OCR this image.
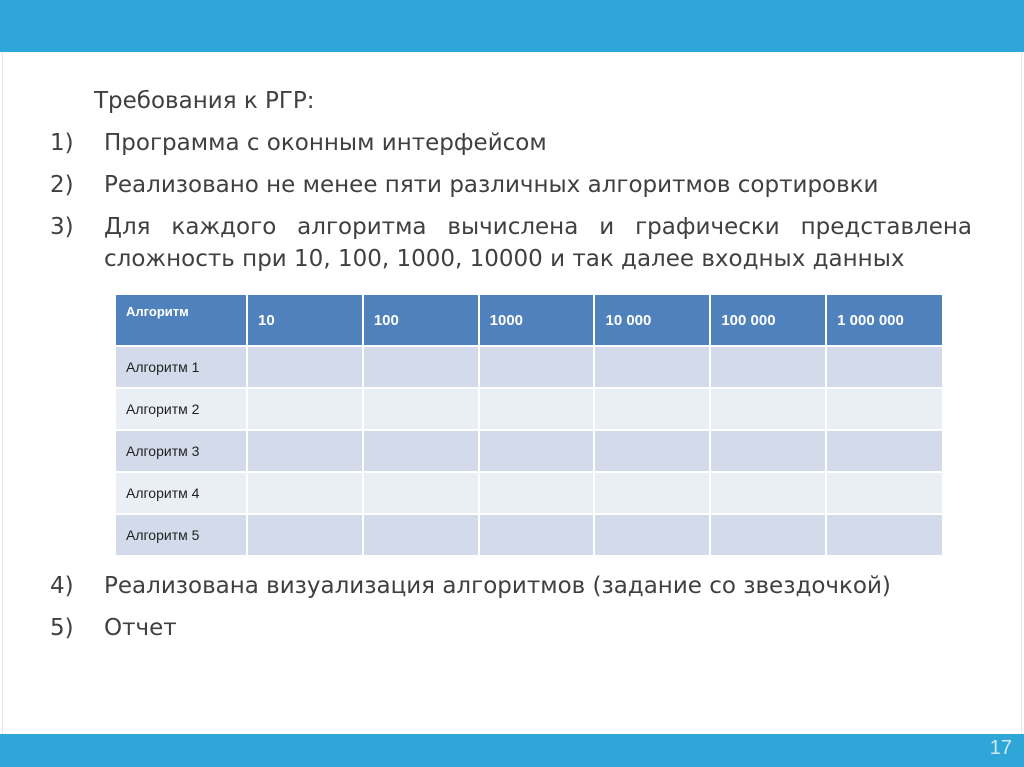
Требования к РГР:
1)	Программа с оконным интерфейсом
2)	Реализовано не менее пяти различных алгоритмов сортировки
3)	Для каждого алгоритма вычислена и графически представлена сложность при 10, 100, 1000, 10000 и так далее входных данных
Алгоритм	10	100	1000	10 000	100 000	1 000 000
Алгоритм 1						
Алгоритм 2						
Алгоритм 3						
Алгоритм 4						
Алгоритм 5						
4)	Реализована визуализация алгоритмов (задание со звездочкой)
5)	Отчет
17
